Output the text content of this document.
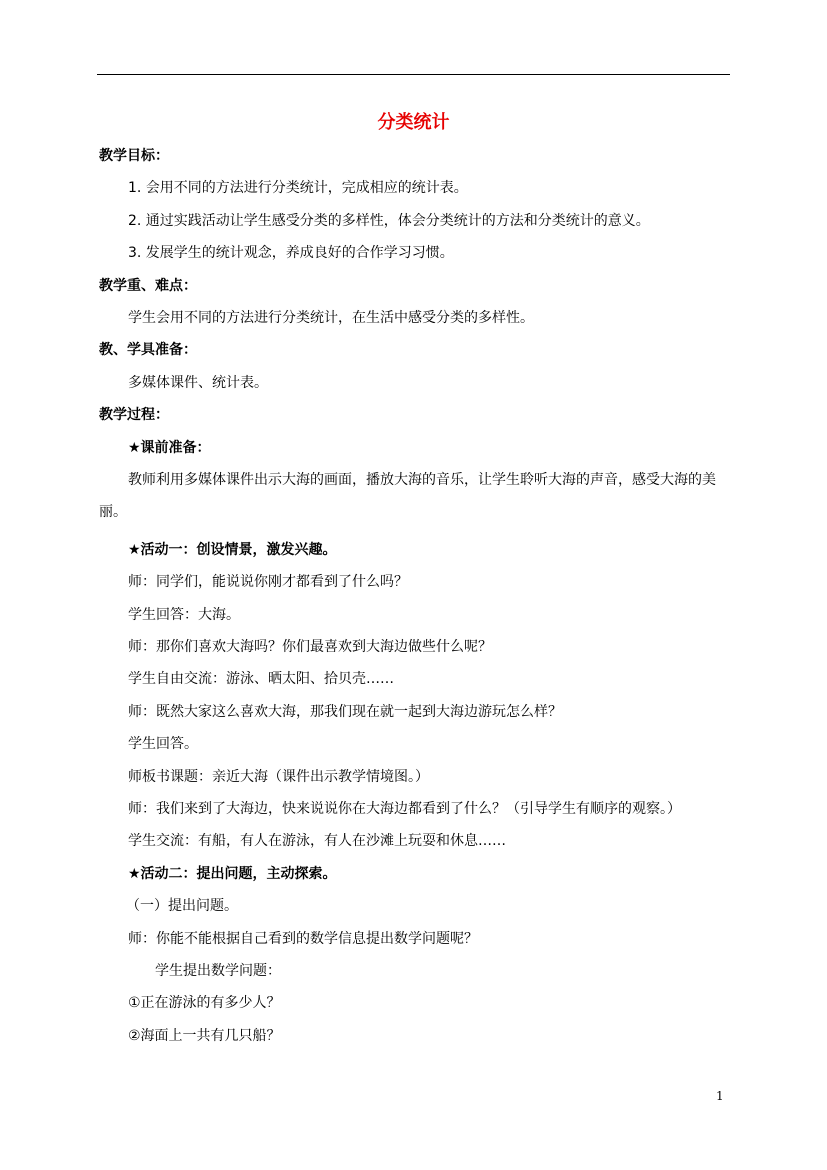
分类统计
教学目标：
1. 会用不同的方法进行分类统计，完成相应的统计表。
2. 通过实践活动让学生感受分类的多样性，体会分类统计的方法和分类统计的意义。
3. 发展学生的统计观念，养成良好的合作学习习惯。
教学重、难点：
学生会用不同的方法进行分类统计，在生活中感受分类的多样性。
教、学具准备：
多媒体课件、统计表。
教学过程：
★课前准备：
教师利用多媒体课件出示大海的画面，播放大海的音乐，让学生聆听大海的声音，感受大海的美丽。
★活动一：创设情景，激发兴趣。
师：同学们，能说说你刚才都看到了什么吗？
学生回答：大海。
师：那你们喜欢大海吗？你们最喜欢到大海边做些什么呢？
学生自由交流：游泳、晒太阳、拾贝壳……
师：既然大家这么喜欢大海，那我们现在就一起到大海边游玩怎么样？
学生回答。
师板书课题：亲近大海（课件出示教学情境图。）
师：我们来到了大海边，快来说说你在大海边都看到了什么？（引导学生有顺序的观察。）
学生交流：有船，有人在游泳，有人在沙滩上玩耍和休息……
★活动二：提出问题，主动探索。
（一）提出问题。
师：你能不能根据自己看到的数学信息提出数学问题呢？
学生提出数学问题：
①正在游泳的有多少人？
②海面上一共有几只船？
1
